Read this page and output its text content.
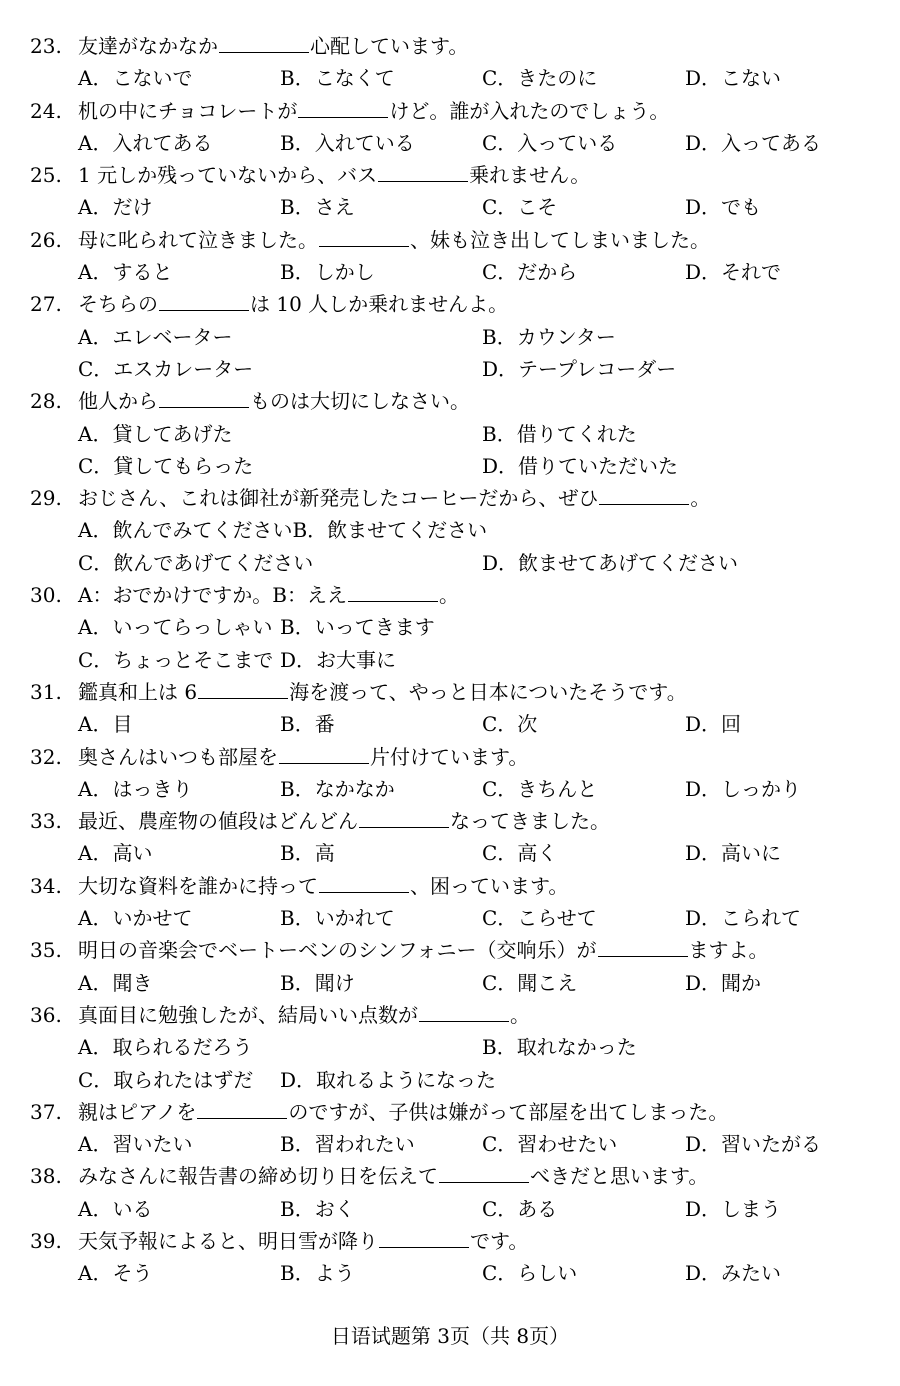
23. 友達がなかなか	心配しています。
A．こないで	B．こなくて	C．きたのに	D．こない
24. 机の中にチョコレートが	けど。誰が入れたのでしょう。
A．入れてある	B．入れている	C．入っている	D．入ってある
25. 1 元しか残っていないから、バス	乗れません。
A．だけ	B．さえ	C．こそ	D．でも
26. 母に叱られて泣きました。	、妹も泣き出してしまいました。
A．すると	B．しかし	C．だから	D．それで
27. そちらの	は 10 人しか乗れませんよ。
A．エレベーター	B．カウンター
C．エスカレーター	D．テープレコーダー
28. 他人から	ものは大切にしなさい。
A．貸してあげた	B．借りてくれた
C．貸してもらった	D．借りていただいた
29. おじさん、これは御社が新発売したコーヒーだから、ぜひ	。
A．飲んでみてくださいB．飲ませてください
C．飲んであげてください	D．飲ませてあげてください
30. A：おでかけですか。B：ええ	。
A．いってらっしゃい B．いってきます
C．ちょっとそこまで D．お大事に
31. 鑑真和上は 6	海を渡って、やっと日本についたそうです。
A．目	B．番	C．次	D．回
32. 奥さんはいつも部屋を	片付けています。
A．はっきり	B．なかなか	C．きちんと	D．しっかり
33. 最近、農産物の値段はどんどん	なってきました。
A．高い	B．高	C．高く	D．高いに
34. 大切な資料を誰かに持って	、困っています。
A．いかせて	B．いかれて	C．こらせて	D．こられて
35. 明日の音楽会でベートーベンのシンフォニー（交响乐）が	ますよ。
A．聞き	B．聞け	C．聞こえ	D．聞か
36. 真面目に勉強したが、結局いい点数が	。
A．取られるだろう	B．取れなかった
C．取られたはずだ D．取れるようになった
37. 親はピアノを	のですが、子供は嫌がって部屋を出てしまった。
A．習いたい	B．習われたい	C．習わせたい	D．習いたがる
38. みなさんに報告書の締め切り日を伝えて	べきだと思います。
A．いる	B．おく	C．ある	D．しまう
39. 天気予報によると、明日雪が降り	です。
A．そう	B．よう	C．らしい	D．みたい
日语试题第 3页（共 8页）
